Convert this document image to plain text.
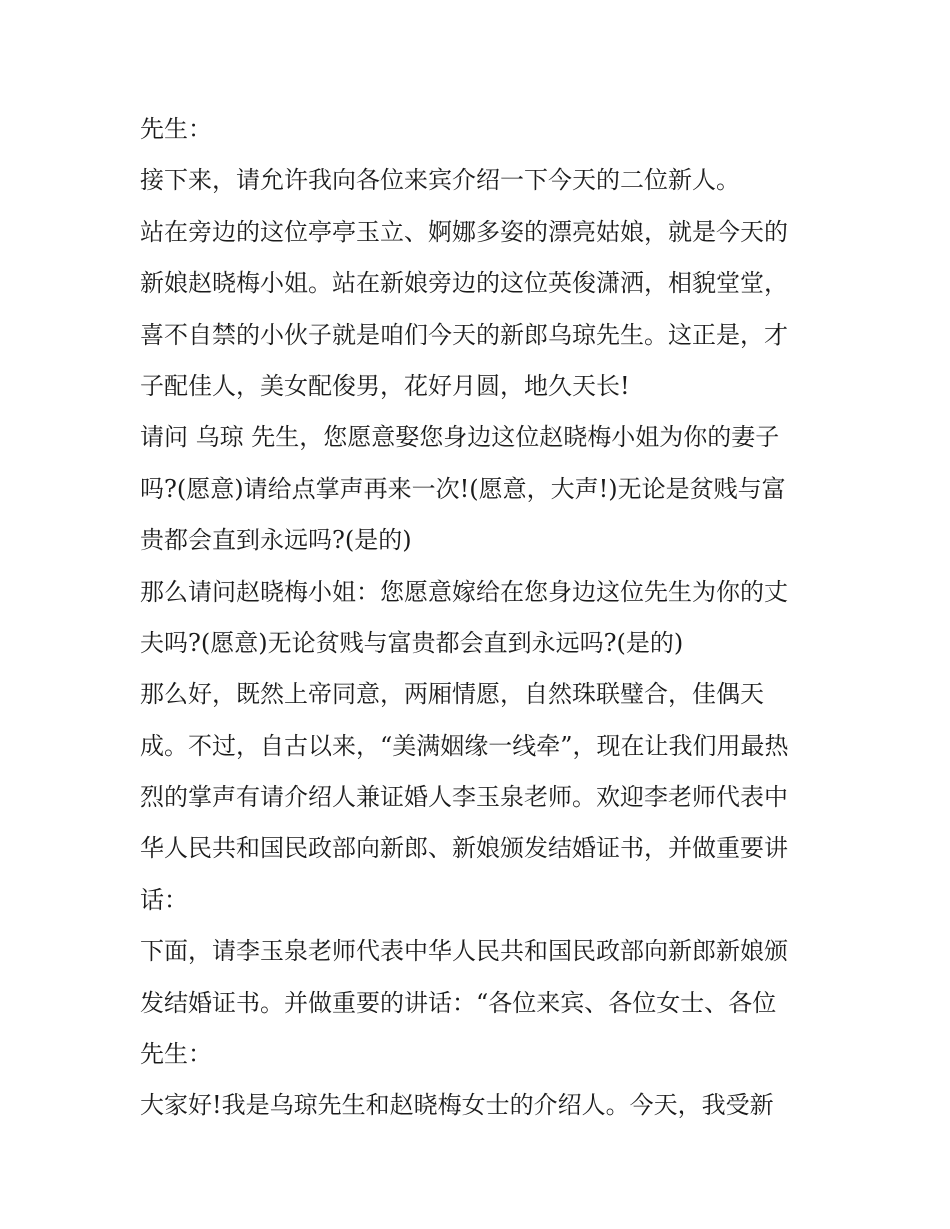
先生：
接下来，请允许我向各位来宾介绍一下今天的二位新人。
站在旁边的这位亭亭玉立、婀娜多姿的漂亮姑娘，就是今天的
新娘赵晓梅小姐。站在新娘旁边的这位英俊潇洒，相貌堂堂，
喜不自禁的小伙子就是咱们今天的新郎乌琼先生。这正是，才
子配佳人，美女配俊男，花好月圆，地久天长!
请问 乌琼 先生，您愿意娶您身边这位赵晓梅小姐为你的妻子
吗?(愿意)请给点掌声再来一次!(愿意，大声!)无论是贫贱与富
贵都会直到永远吗?(是的)
那么请问赵晓梅小姐：您愿意嫁给在您身边这位先生为你的丈
夫吗?(愿意)无论贫贱与富贵都会直到永远吗?(是的)
那么好，既然上帝同意，两厢情愿，自然珠联璧合，佳偶天
成。不过，自古以来，“美满姻缘一线牵”，现在让我们用最热
烈的掌声有请介绍人兼证婚人李玉泉老师。欢迎李老师代表中
华人民共和国民政部向新郎、新娘颁发结婚证书，并做重要讲
话：
下面，请李玉泉老师代表中华人民共和国民政部向新郎新娘颁
发结婚证书。并做重要的讲话：“各位来宾、各位女士、各位
先生：
大家好!我是乌琼先生和赵晓梅女士的介绍人。今天，我受新
